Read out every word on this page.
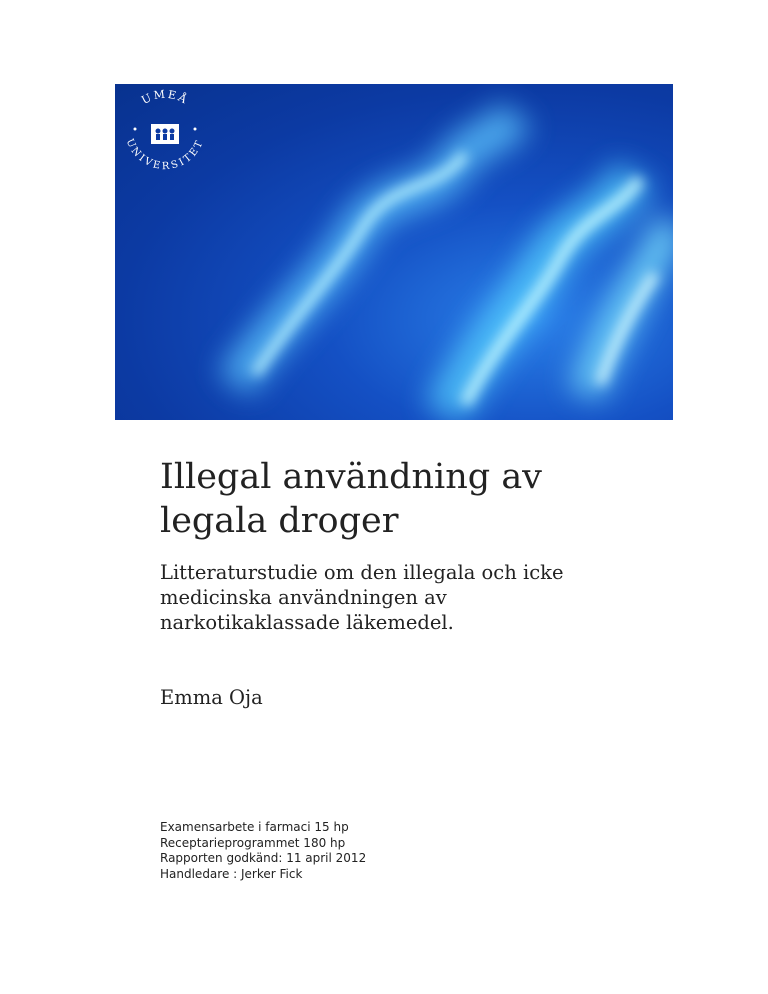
UMEÅ
UNIVERSITET
Illegal användning av
legala droger
Litteraturstudie om den illegala och icke
medicinska användningen av
narkotikaklassade läkemedel.

Emma Oja

Examensarbete i farmaci 15 hp
Receptarieprogrammet 180 hp
Rapporten godkänd: 11 april 2012
Handledare : Jerker Fick
